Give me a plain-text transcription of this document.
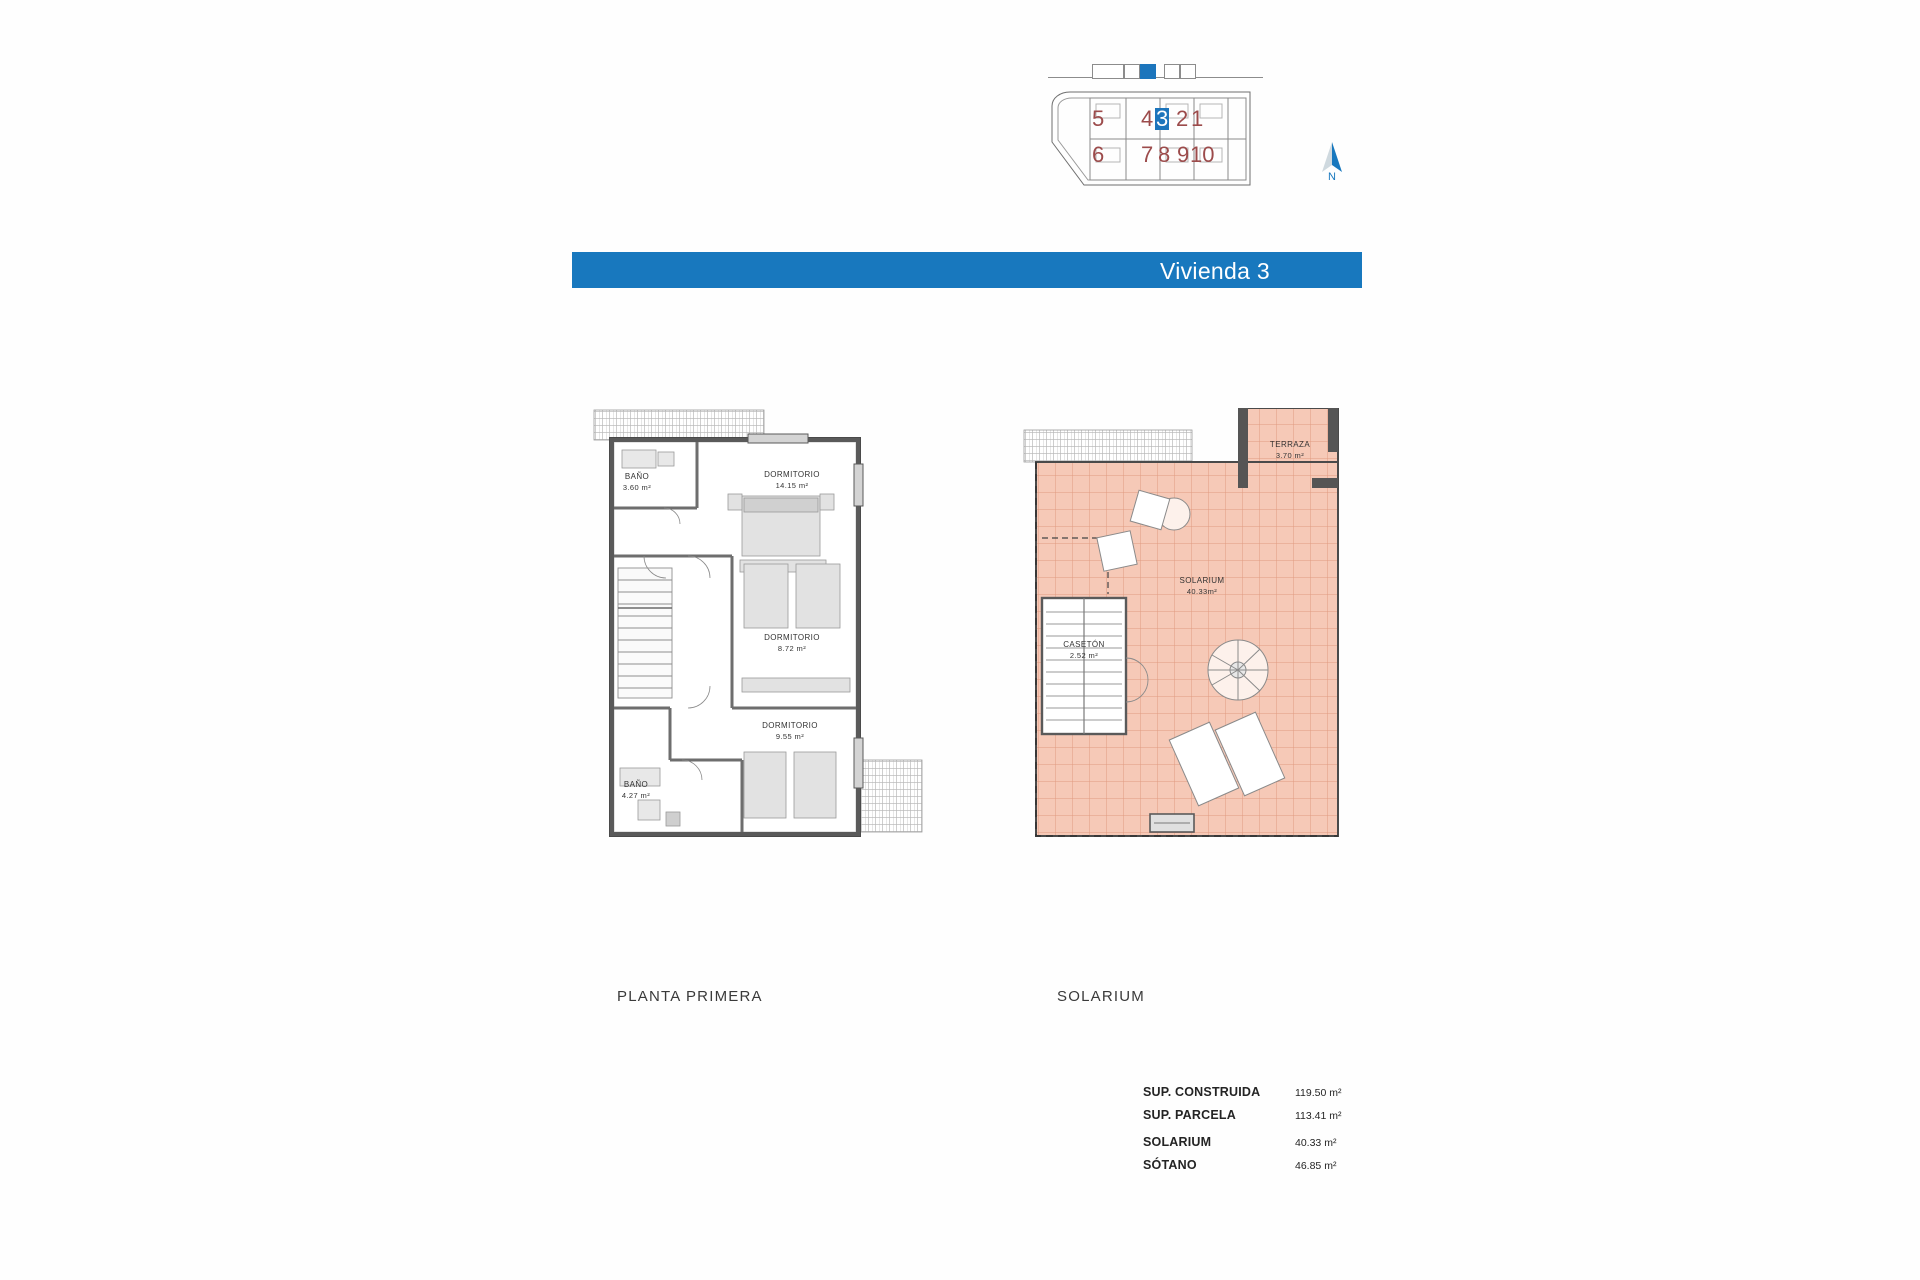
5 4 3 2 1
6 7 8 9 10
N
Vivienda 3
DORMITORIO
14.15 m²
BAÑO
3.60 m²
DORMITORIO
8.72 m²
DORMITORIO
9.55 m²
BAÑO
4.27 m²
TERRAZA
3.70 m²
SOLARIUM
40.33m²
CASETÓN
2.52 m²
PLANTA PRIMERA	SOLARIUM
SUP. CONSTRUIDA	119.50 m²
SUP. PARCELA	113.41 m²
SOLARIUM	40.33 m²
SÓTANO	46.85 m²
